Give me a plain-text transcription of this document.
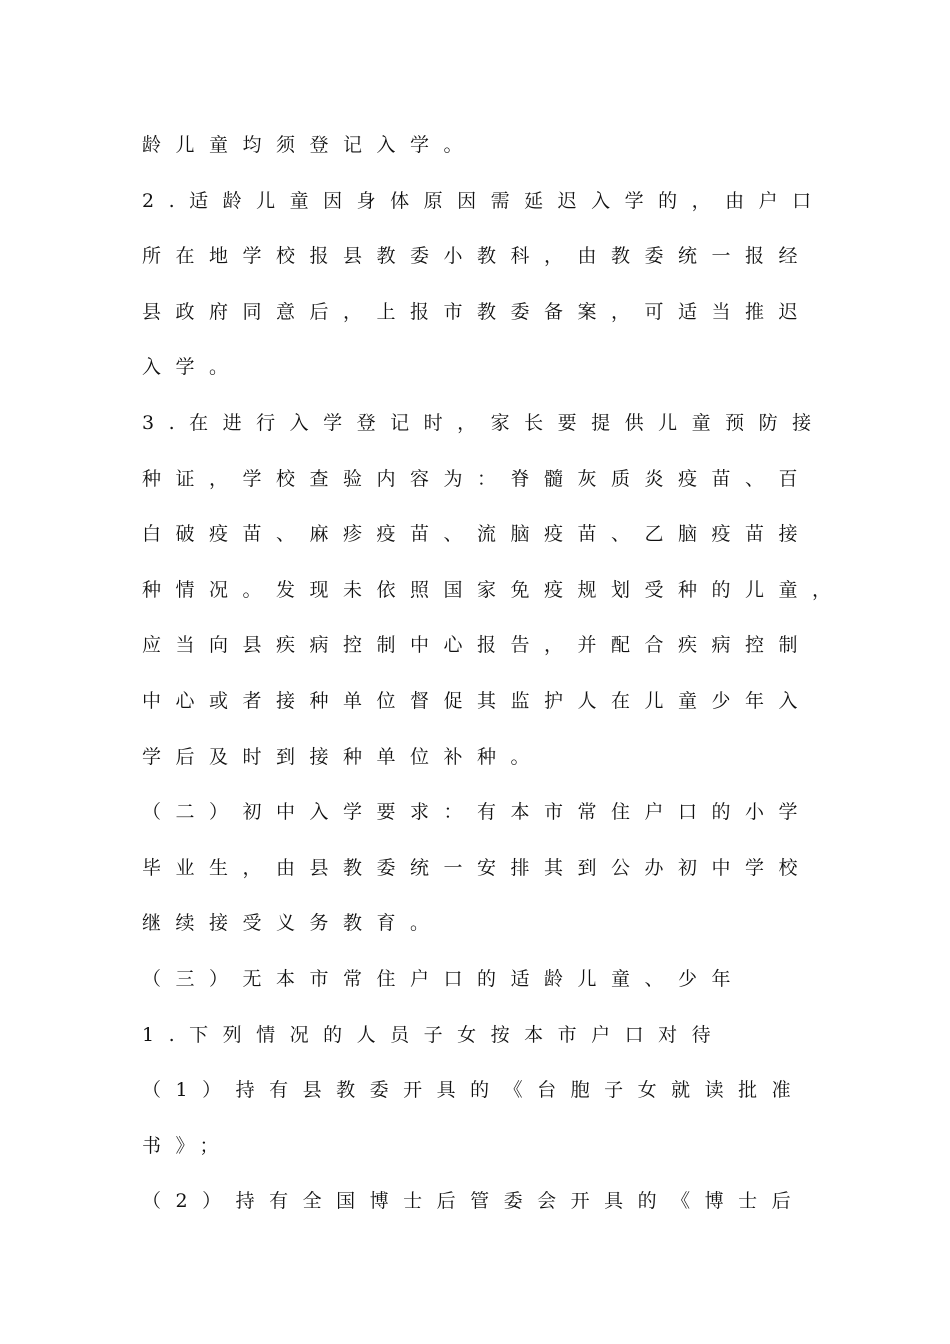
龄儿童均须登记入学。
2.适龄儿童因身体原因需延迟入学的，由户口
所在地学校报县教委小教科，由教委统一报经
县政府同意后，上报市教委备案，可适当推迟
入学。
3.在进行入学登记时，家长要提供儿童预防接
种证，学校查验内容为：脊髓灰质炎疫苗、百
白破疫苗、麻疹疫苗、流脑疫苗、乙脑疫苗接
种情况。发现未依照国家免疫规划受种的儿童，
应当向县疾病控制中心报告，并配合疾病控制
中心或者接种单位督促其监护人在儿童少年入
学后及时到接种单位补种。
（二）初中入学要求：有本市常住户口的小学
毕业生，由县教委统一安排其到公办初中学校
继续接受义务教育。
（三）无本市常住户口的适龄儿童、少年
1.下列情况的人员子女按本市户口对待
（1）持有县教委开具的《台胞子女就读批准
书》；
（2）持有全国博士后管委会开具的《博士后
